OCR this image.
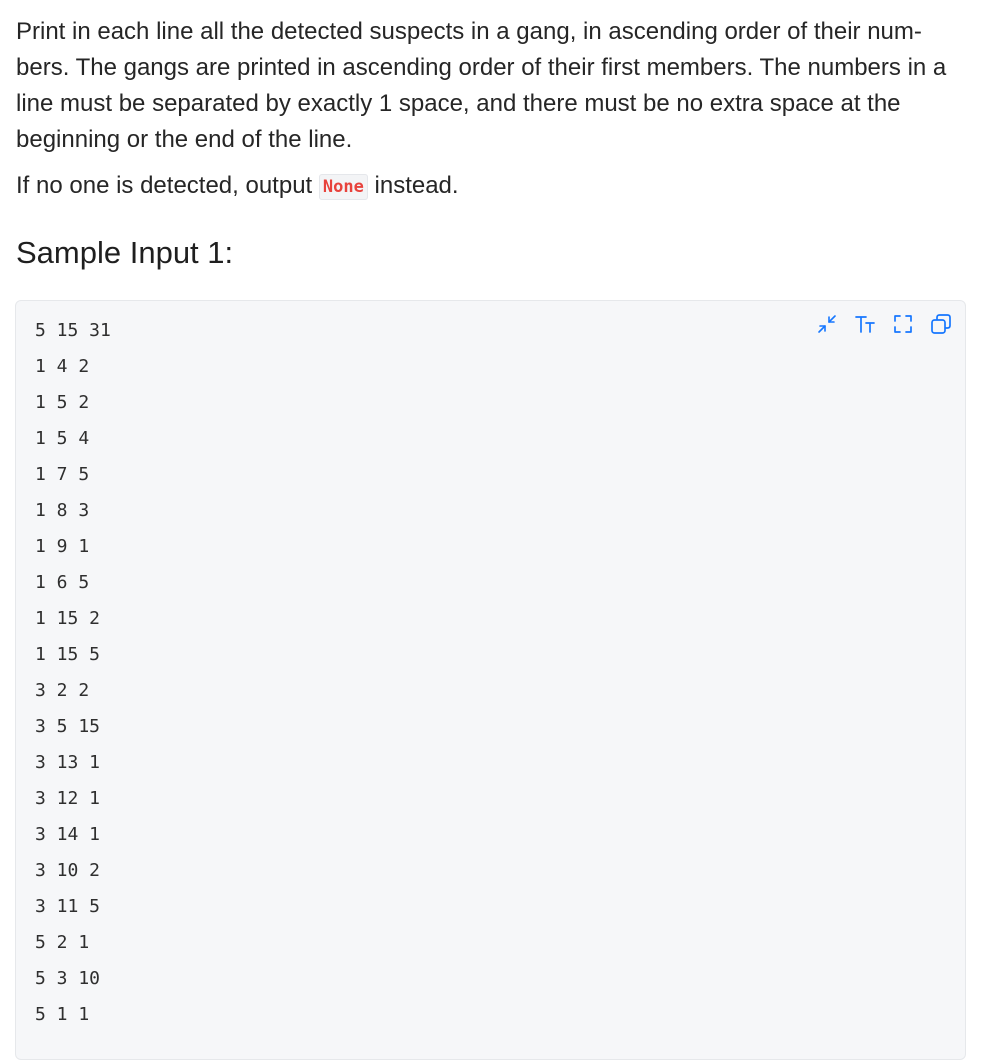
Print in each line all the detected suspects in a gang, in ascending order of their num-bers. The gangs are printed in ascending order of their first members. The numbers in a line must be separated by exactly 1 space, and there must be no extra space at the beginning or the end of the line.

If no one is detected, output None instead.

Sample Input 1:
5 15 31
1 4 2
1 5 2
1 5 4
1 7 5
1 8 3
1 9 1
1 6 5
1 15 2
1 15 5
3 2 2
3 5 15
3 13 1
3 12 1
3 14 1
3 10 2
3 11 5
5 2 1
5 3 10
5 1 1
